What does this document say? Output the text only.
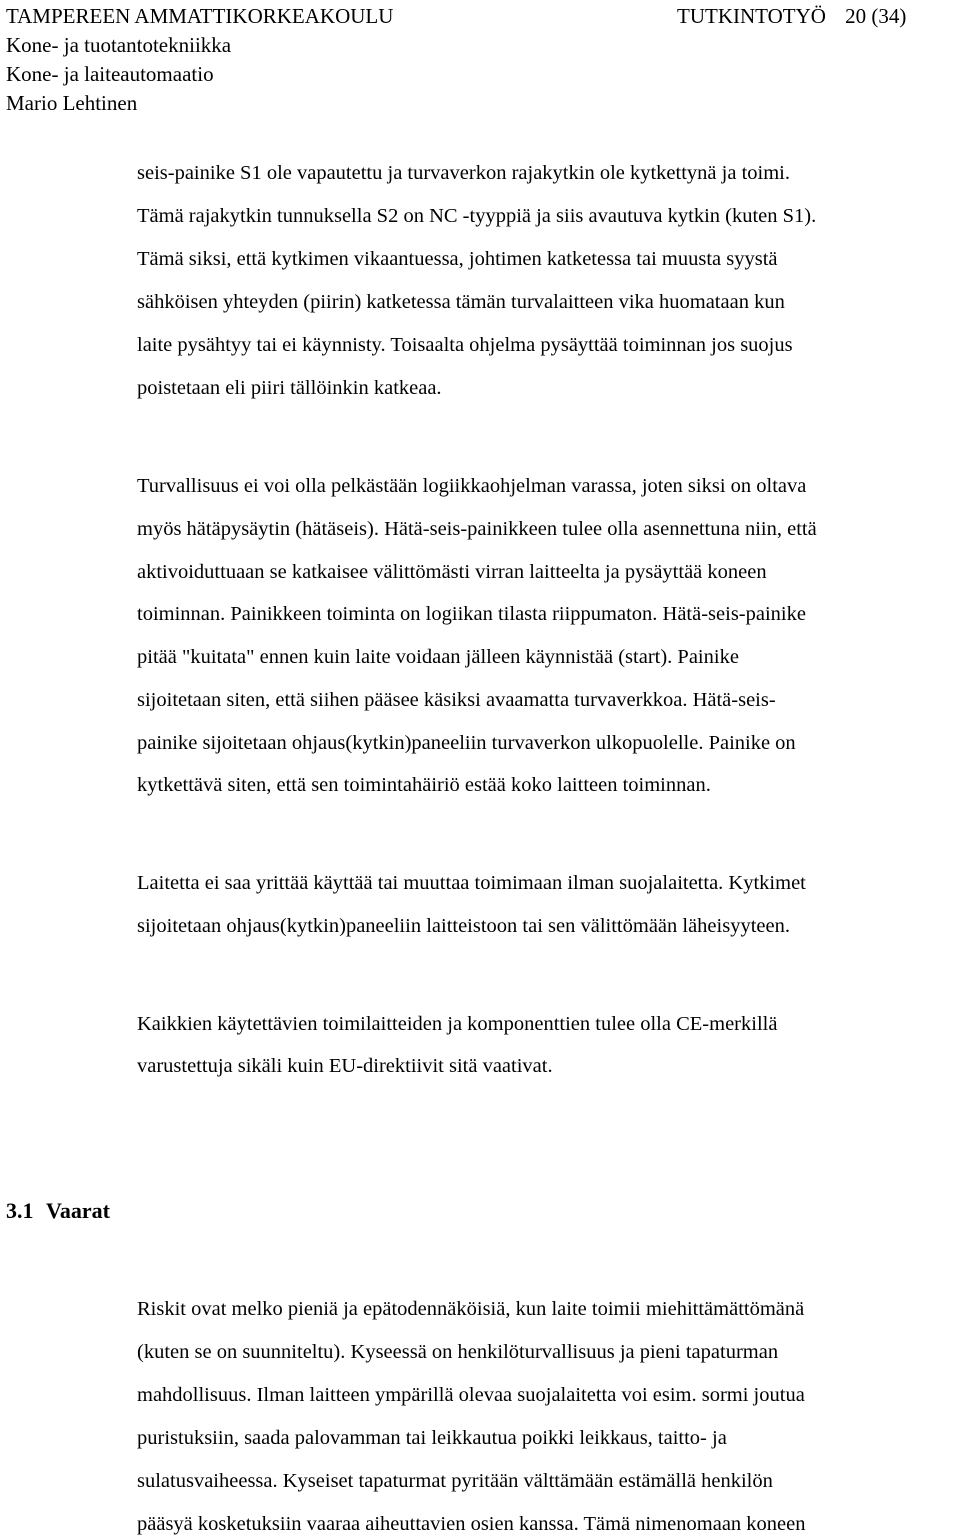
TAMPEREEN AMMATTIKORKEAKOULU
Kone- ja tuotantotekniikka
Kone- ja laiteautomaatio
Mario Lehtinen
TUTKINTOTYÖ 20 (34)
seis-painike S1 ole vapautettu ja turvaverkon rajakytkin ole kytkettynä ja toimi.
Tämä rajakytkin tunnuksella S2 on NC -tyyppiä ja siis avautuva kytkin (kuten S1).
Tämä siksi, että kytkimen vikaantuessa, johtimen katketessa tai muusta syystä
sähköisen yhteyden (piirin) katketessa tämän turvalaitteen vika huomataan kun
laite pysähtyy tai ei käynnisty. Toisaalta ohjelma pysäyttää toiminnan jos suojus
poistetaan eli piiri tällöinkin katkeaa.
Turvallisuus ei voi olla pelkästään logiikkaohjelman varassa, joten siksi on oltava
myös hätäpysäytin (hätäseis). Hätä-seis-painikkeen tulee olla asennettuna niin, että
aktivoiduttuaan se katkaisee välittömästi virran laitteelta ja pysäyttää koneen
toiminnan. Painikkeen toiminta on logiikan tilasta riippumaton. Hätä-seis-painike
pitää "kuitata" ennen kuin laite voidaan jälleen käynnistää (start). Painike
sijoitetaan siten, että siihen pääsee käsiksi avaamatta turvaverkkoa. Hätä-seis-
painike sijoitetaan ohjaus(kytkin)paneeliin turvaverkon ulkopuolelle. Painike on
kytkettävä siten, että sen toimintahäiriö estää koko laitteen toiminnan.
Laitetta ei saa yrittää käyttää tai muuttaa toimimaan ilman suojalaitetta. Kytkimet
sijoitetaan ohjaus(kytkin)paneeliin laitteistoon tai sen välittömään läheisyyteen.
Kaikkien käytettävien toimilaitteiden ja komponenttien tulee olla CE-merkillä
varustettuja sikäli kuin EU-direktiivit sitä vaativat.
3.1 Vaarat
Riskit ovat melko pieniä ja epätodennäköisiä, kun laite toimii miehittämättömänä
(kuten se on suunniteltu). Kyseessä on henkilöturvallisuus ja pieni tapaturman
mahdollisuus. Ilman laitteen ympärillä olevaa suojalaitetta voi esim. sormi joutua
puristuksiin, saada palovamman tai leikkautua poikki leikkaus, taitto- ja
sulatusvaiheessa. Kyseiset tapaturmat pyritään välttämään estämällä henkilön
pääsyä kosketuksiin vaaraa aiheuttavien osien kanssa. Tämä nimenomaan koneen
